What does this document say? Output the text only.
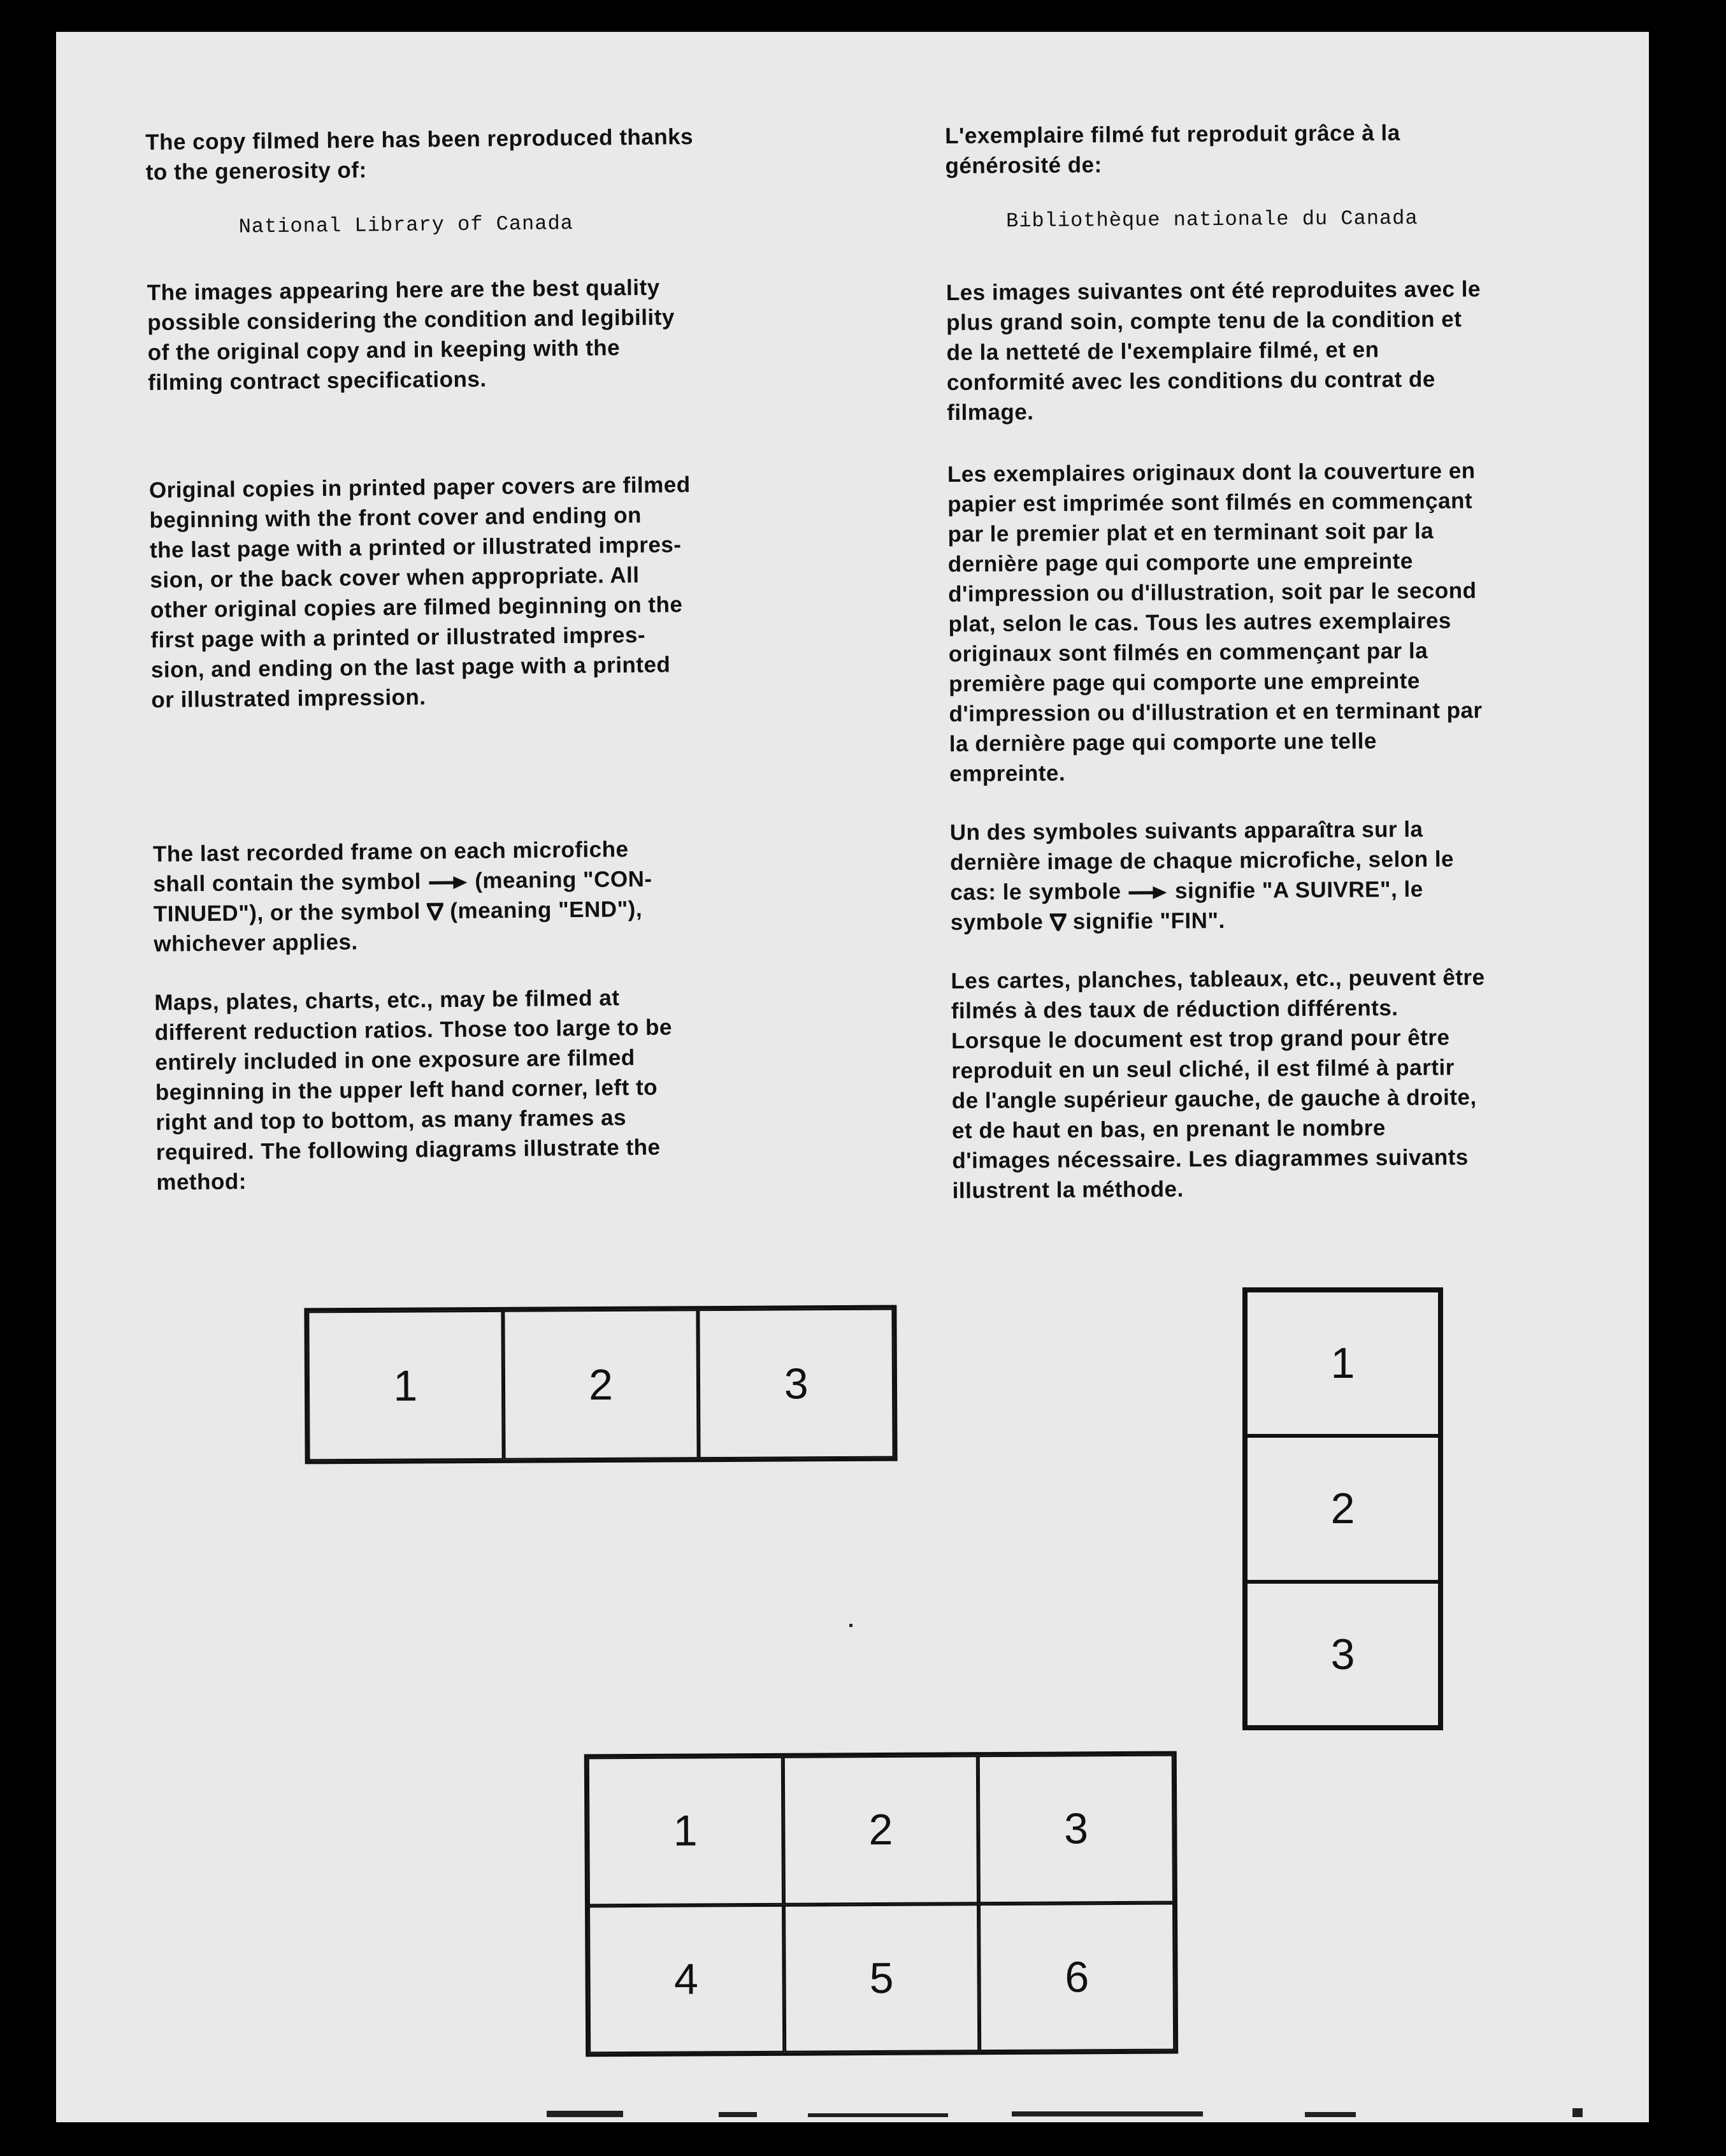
The copy filmed here has been reproduced thanks
to the generosity of:

National Library of Canada

The images appearing here are the best quality
possible considering the condition and legibility
of the original copy and in keeping with the
filming contract specifications.

Original copies in printed paper covers are filmed
beginning with the front cover and ending on
the last page with a printed or illustrated impres-
sion, or the back cover when appropriate. All
other original copies are filmed beginning on the
first page with a printed or illustrated impres-
sion, and ending on the last page with a printed
or illustrated impression.

The last recorded frame on each microfiche
shall contain the symbol  (meaning "CON-
TINUED"), or the symbol  (meaning "END"),
whichever applies.

Maps, plates, charts, etc., may be filmed at
different reduction ratios. Those too large to be
entirely included in one exposure are filmed
beginning in the upper left hand corner, left to
right and top to bottom, as many frames as
required. The following diagrams illustrate the
method:

L'exemplaire filmé fut reproduit grâce à la
générosité de:

Bibliothèque nationale du Canada

Les images suivantes ont été reproduites avec le
plus grand soin, compte tenu de la condition et
de la netteté de l'exemplaire filmé, et en
conformité avec les conditions du contrat de
filmage.

Les exemplaires originaux dont la couverture en
papier est imprimée sont filmés en commençant
par le premier plat et en terminant soit par la
dernière page qui comporte une empreinte
d'impression ou d'illustration, soit par le second
plat, selon le cas. Tous les autres exemplaires
originaux sont filmés en commençant par la
première page qui comporte une empreinte
d'impression ou d'illustration et en terminant par
la dernière page qui comporte une telle
empreinte.

Un des symboles suivants apparaîtra sur la
dernière image de chaque microfiche, selon le
cas: le symbole  signifie "A SUIVRE", le
symbole  signifie "FIN".

Les cartes, planches, tableaux, etc., peuvent être
filmés à des taux de réduction différents.
Lorsque le document est trop grand pour être
reproduit en un seul cliché, il est filmé à partir
de l'angle supérieur gauche, de gauche à droite,
et de haut en bas, en prenant le nombre
d'images nécessaire. Les diagrammes suivants
illustrent la méthode.

1	2	3	1
2
3
1	2	3
4	5	6
